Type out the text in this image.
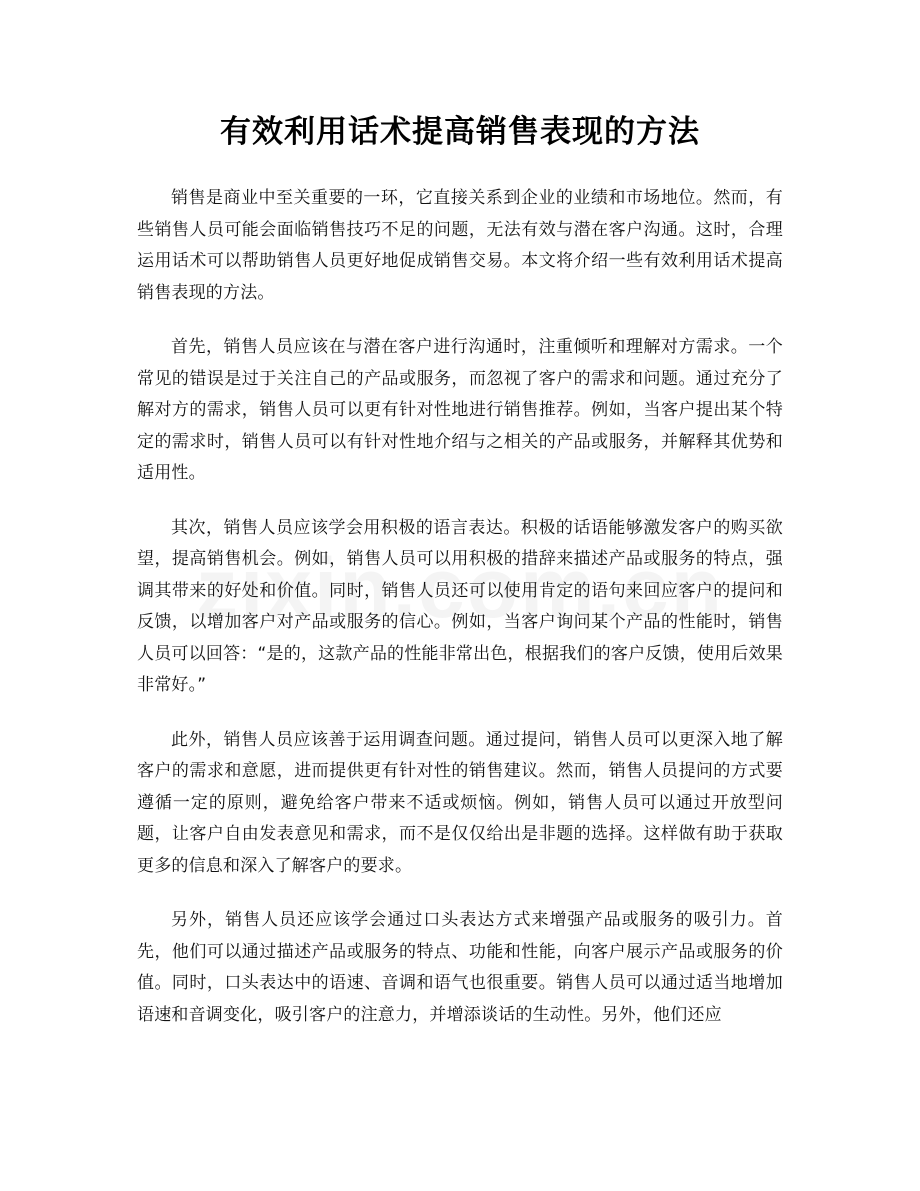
有效利用话术提高销售表现的方法

销售是商业中至关重要的一环，它直接关系到企业的业绩和市场地位。然而，有些销售人员可能会面临销售技巧不足的问题，无法有效与潜在客户沟通。这时，合理运用话术可以帮助销售人员更好地促成销售交易。本文将介绍一些有效利用话术提高销售表现的方法。

首先，销售人员应该在与潜在客户进行沟通时，注重倾听和理解对方需求。一个常见的错误是过于关注自己的产品或服务，而忽视了客户的需求和问题。通过充分了解对方的需求，销售人员可以更有针对性地进行销售推荐。例如，当客户提出某个特定的需求时，销售人员可以有针对性地介绍与之相关的产品或服务，并解释其优势和适用性。

其次，销售人员应该学会用积极的语言表达。积极的话语能够激发客户的购买欲望，提高销售机会。例如，销售人员可以用积极的措辞来描述产品或服务的特点，强调其带来的好处和价值。同时，销售人员还可以使用肯定的语句来回应客户的提问和反馈，以增加客户对产品或服务的信心。例如，当客户询问某个产品的性能时，销售人员可以回答：“是的，这款产品的性能非常出色，根据我们的客户反馈，使用后效果非常好。”

此外，销售人员应该善于运用调查问题。通过提问，销售人员可以更深入地了解客户的需求和意愿，进而提供更有针对性的销售建议。然而，销售人员提问的方式要遵循一定的原则，避免给客户带来不适或烦恼。例如，销售人员可以通过开放型问题，让客户自由发表意见和需求，而不是仅仅给出是非题的选择。这样做有助于获取更多的信息和深入了解客户的要求。

另外，销售人员还应该学会通过口头表达方式来增强产品或服务的吸引力。首先，他们可以通过描述产品或服务的特点、功能和性能，向客户展示产品或服务的价值。同时，口头表达中的语速、音调和语气也很重要。销售人员可以通过适当地增加语速和音调变化，吸引客户的注意力，并增添谈话的生动性。另外，他们还应
